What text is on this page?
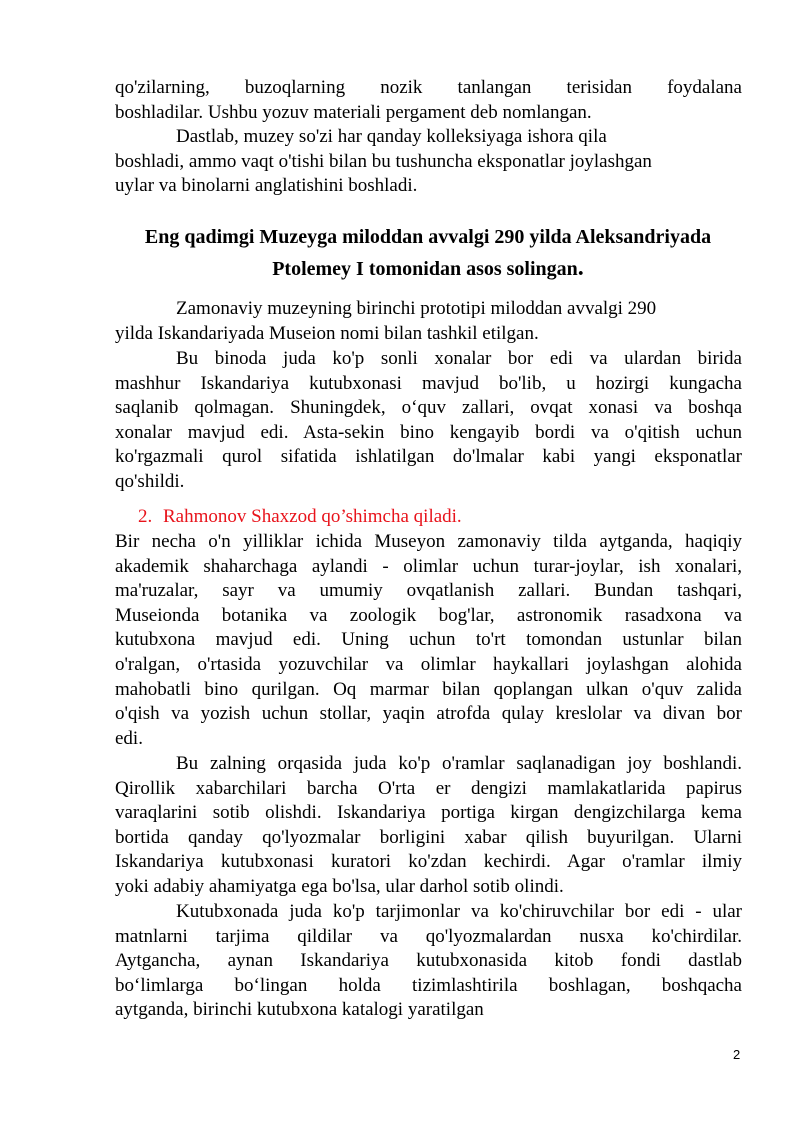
qo'zilarning, buzoqlarning nozik tanlangan terisidan foydalana
boshladilar. Ushbu yozuv materiali pergament deb nomlangan.
Dastlab, muzey so'zi har qanday kolleksiyaga ishora qila
boshladi, ammo vaqt o'tishi bilan bu tushuncha eksponatlar joylashgan
uylar va binolarni anglatishini boshladi.
Eng qadimgi Muzeyga miloddan avvalgi 290 yilda Aleksandriyada
Ptolemey I tomonidan asos solingan.
Zamonaviy muzeyning birinchi prototipi miloddan avvalgi 290
yilda Iskandariyada Museion nomi bilan tashkil etilgan.
Bu binoda juda ko'p sonli xonalar bor edi va ulardan birida
mashhur Iskandariya kutubxonasi mavjud bo'lib, u hozirgi kungacha
saqlanib qolmagan. Shuningdek, o‘quv zallari, ovqat xonasi va boshqa
xonalar mavjud edi. Asta-sekin bino kengayib bordi va o'qitish uchun
ko'rgazmali qurol sifatida ishlatilgan do'lmalar kabi yangi eksponatlar
qo'shildi.
2. Rahmonov Shaxzod qo’shimcha qiladi.
Bir necha o'n yilliklar ichida Museyon zamonaviy tilda aytganda, haqiqiy
akademik shaharchaga aylandi - olimlar uchun turar-joylar, ish xonalari,
ma'ruzalar, sayr va umumiy ovqatlanish zallari. Bundan tashqari,
Museionda botanika va zoologik bog'lar, astronomik rasadxona va
kutubxona mavjud edi. Uning uchun to'rt tomondan ustunlar bilan
o'ralgan, o'rtasida yozuvchilar va olimlar haykallari joylashgan alohida
mahobatli bino qurilgan. Oq marmar bilan qoplangan ulkan o'quv zalida
o'qish va yozish uchun stollar, yaqin atrofda qulay kreslolar va divan bor
edi.
Bu zalning orqasida juda ko'p o'ramlar saqlanadigan joy boshlandi.
Qirollik xabarchilari barcha O'rta er dengizi mamlakatlarida papirus
varaqlarini sotib olishdi. Iskandariya portiga kirgan dengizchilarga kema
bortida qanday qo'lyozmalar borligini xabar qilish buyurilgan. Ularni
Iskandariya kutubxonasi kuratori ko'zdan kechirdi. Agar o'ramlar ilmiy
yoki adabiy ahamiyatga ega bo'lsa, ular darhol sotib olindi.
Kutubxonada juda ko'p tarjimonlar va ko'chiruvchilar bor edi - ular
matnlarni tarjima qildilar va qo'lyozmalardan nusxa ko'chirdilar.
Aytgancha, aynan Iskandariya kutubxonasida kitob fondi dastlab
bo‘limlarga bo‘lingan holda tizimlashtirila boshlagan, boshqacha
aytganda, birinchi kutubxona katalogi yaratilgan
2
